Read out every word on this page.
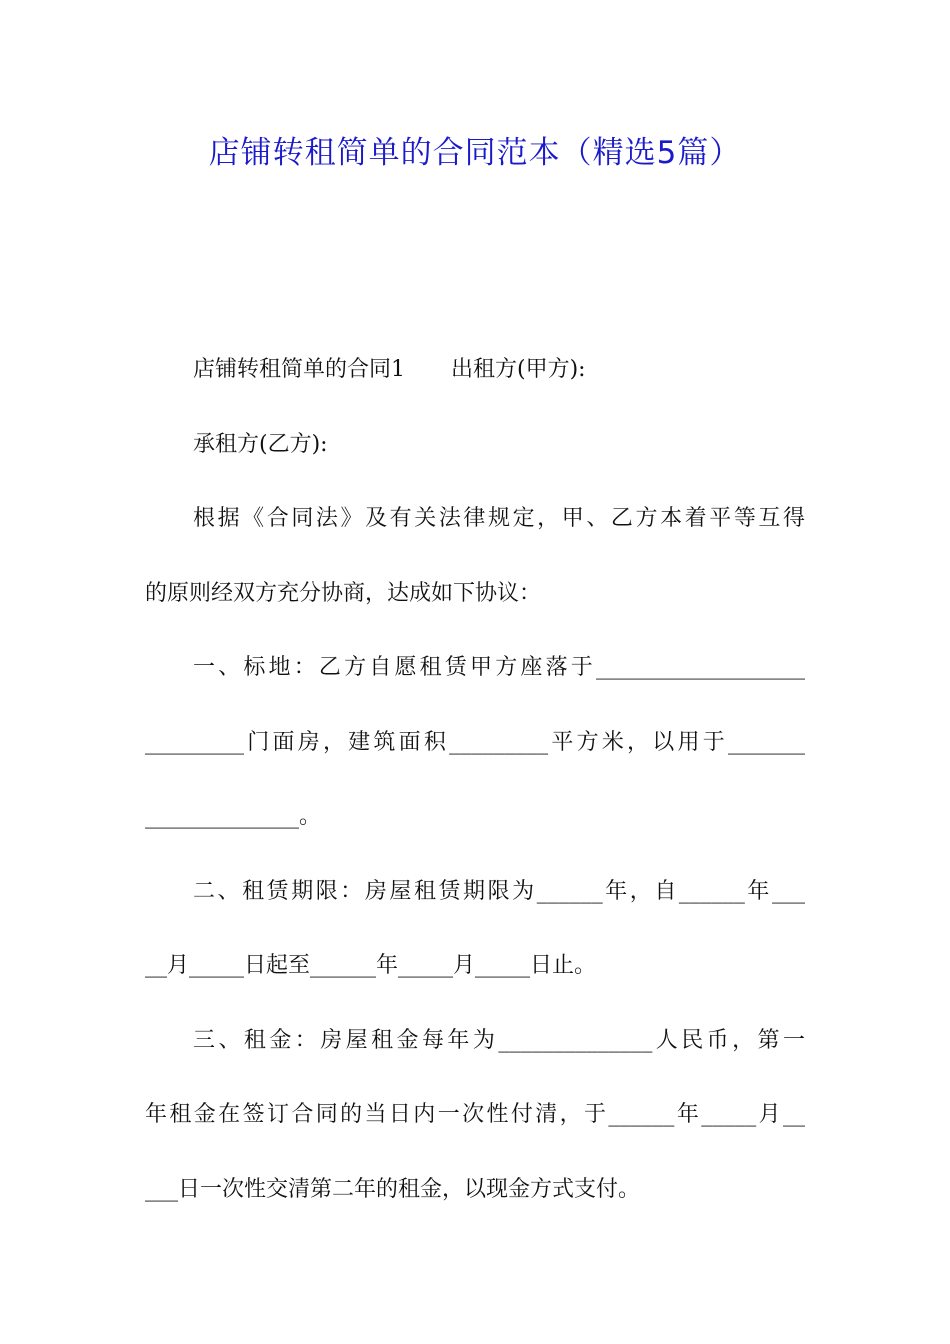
店铺转租简单的合同范本（精选5篇）
店铺转租简单的合同1 出租方(甲方):
承租方(乙方):
根据《合同法》及有关法律规定，甲、乙方本着平等互得
的原则经双方充分协商，达成如下协议：
一、标地：乙方自愿租赁甲方座落于___________________
_________门面房，建筑面积_________平方米，以用于_______
______________。
二、租赁期限：房屋租赁期限为______年，自______年___
__月_____日起至______年_____月_____日止。
三、租金：房屋租金每年为______________人民币，第一
年租金在签订合同的当日内一次性付清，于______年_____月__
___日一次性交清第二年的租金，以现金方式支付。
